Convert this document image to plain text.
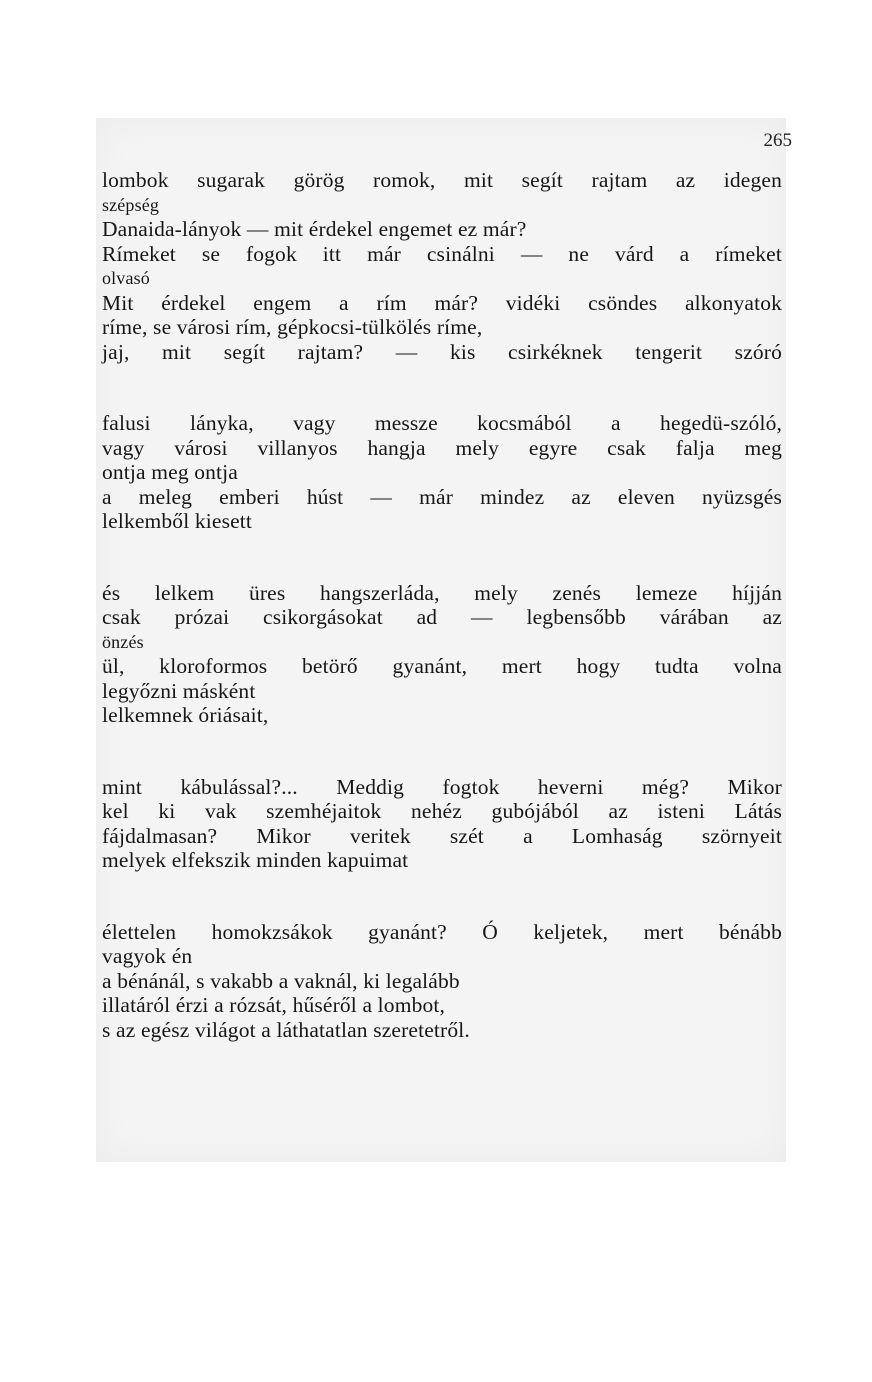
265
lombok sugarak görög romok, mit segít rajtam az idegen
szépség
Danaida-lányok — mit érdekel engemet ez már?
Rímeket se fogok itt már csinálni — ne várd a rímeket
olvasó
Mit érdekel engem a rím már? vidéki csöndes alkonyatok
ríme, se városi rím, gépkocsi-tülkölés ríme,
jaj, mit segít rajtam? — kis csirkéknek tengerit szóró
falusi lányka, vagy messze kocsmából a hegedü-szóló,
vagy városi villanyos hangja mely egyre csak falja meg
ontja meg ontja
a meleg emberi húst — már mindez az eleven nyüzsgés
lelkemből kiesett
és lelkem üres hangszerláda, mely zenés lemeze híjján
csak prózai csikorgásokat ad — legbensőbb várában az
önzés
ül, kloroformos betörő gyanánt, mert hogy tudta volna
legyőzni másként
lelkemnek óriásait,
mint kábulással?... Meddig fogtok heverni még? Mikor
kel ki vak szemhéjaitok nehéz gubójából az isteni Látás
fájdalmasan? Mikor veritek szét a Lomhaság szörnyeit
melyek elfekszik minden kapuimat
élettelen homokzsákok gyanánt? Ó keljetek, mert bénább
vagyok én
a bénánál, s vakabb a vaknál, ki legalább
illatáról érzi a rózsát, hűséről a lombot,
s az egész világot a láthatatlan szeretetről.
